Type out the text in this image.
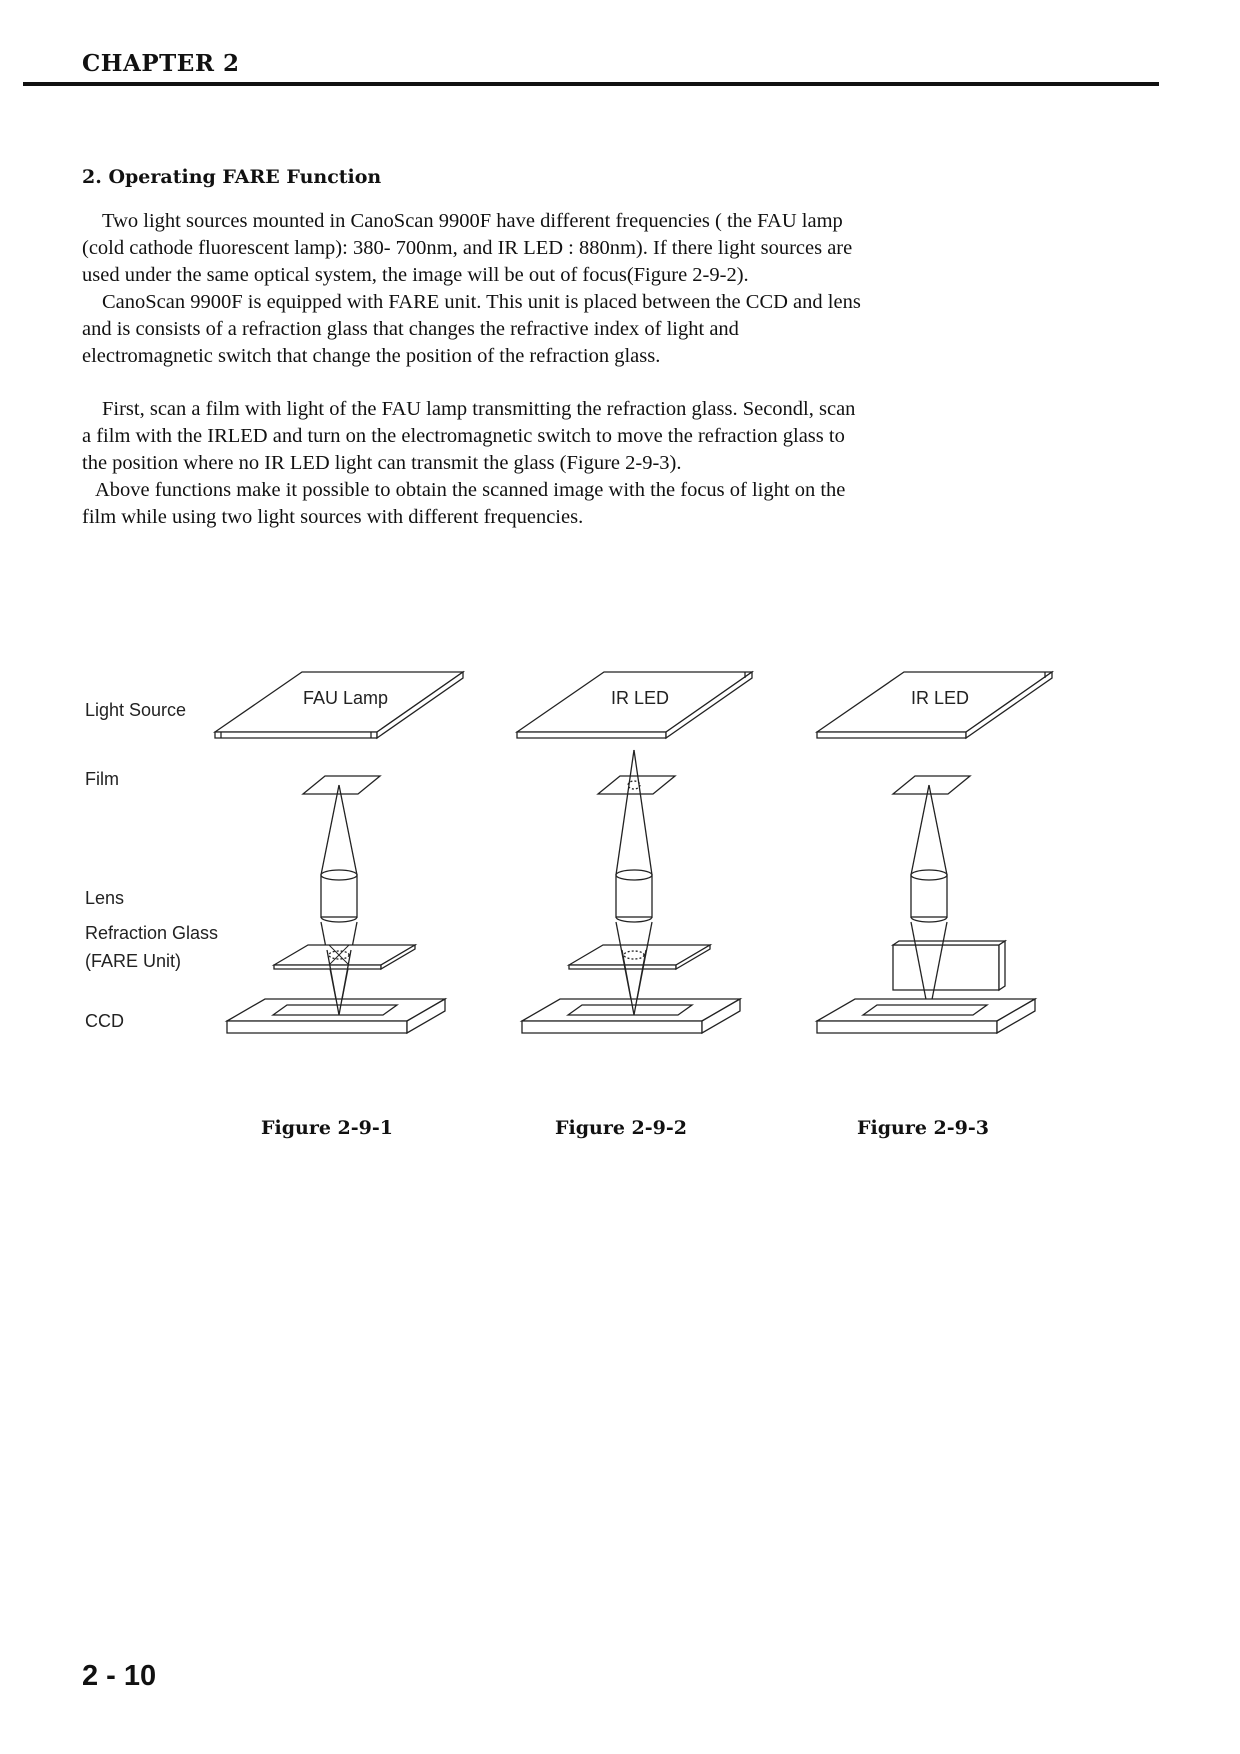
CHAPTER 2
2. Operating FARE Function
Two light sources mounted in CanoScan 9900F have different frequencies ( the FAU lamp
(cold cathode fluorescent lamp): 380- 700nm, and IR LED : 880nm). If there light sources are
used under the same optical system, the image will be out of focus(Figure 2-9-2).
CanoScan 9900F is equipped with FARE unit. This unit is placed between the CCD and lens
and is consists of a refraction glass that changes the refractive index of light and
electromagnetic switch that change the position of the refraction glass.
First, scan a film with light of the FAU lamp transmitting the refraction glass. Secondl, scan
a film with the IRLED and turn on the electromagnetic switch to move the refraction glass to
the position where no IR LED light can transmit the glass (Figure 2-9-3).
Above functions make it possible to obtain the scanned image with the focus of light on the
film while using two light sources with different frequencies.
Light Source
Film
Lens
Refraction Glass
(FARE Unit)
CCD
FAU Lamp	IR LED	IR LED
Figure 2-9-1	Figure 2-9-2	Figure 2-9-3
2 - 10
